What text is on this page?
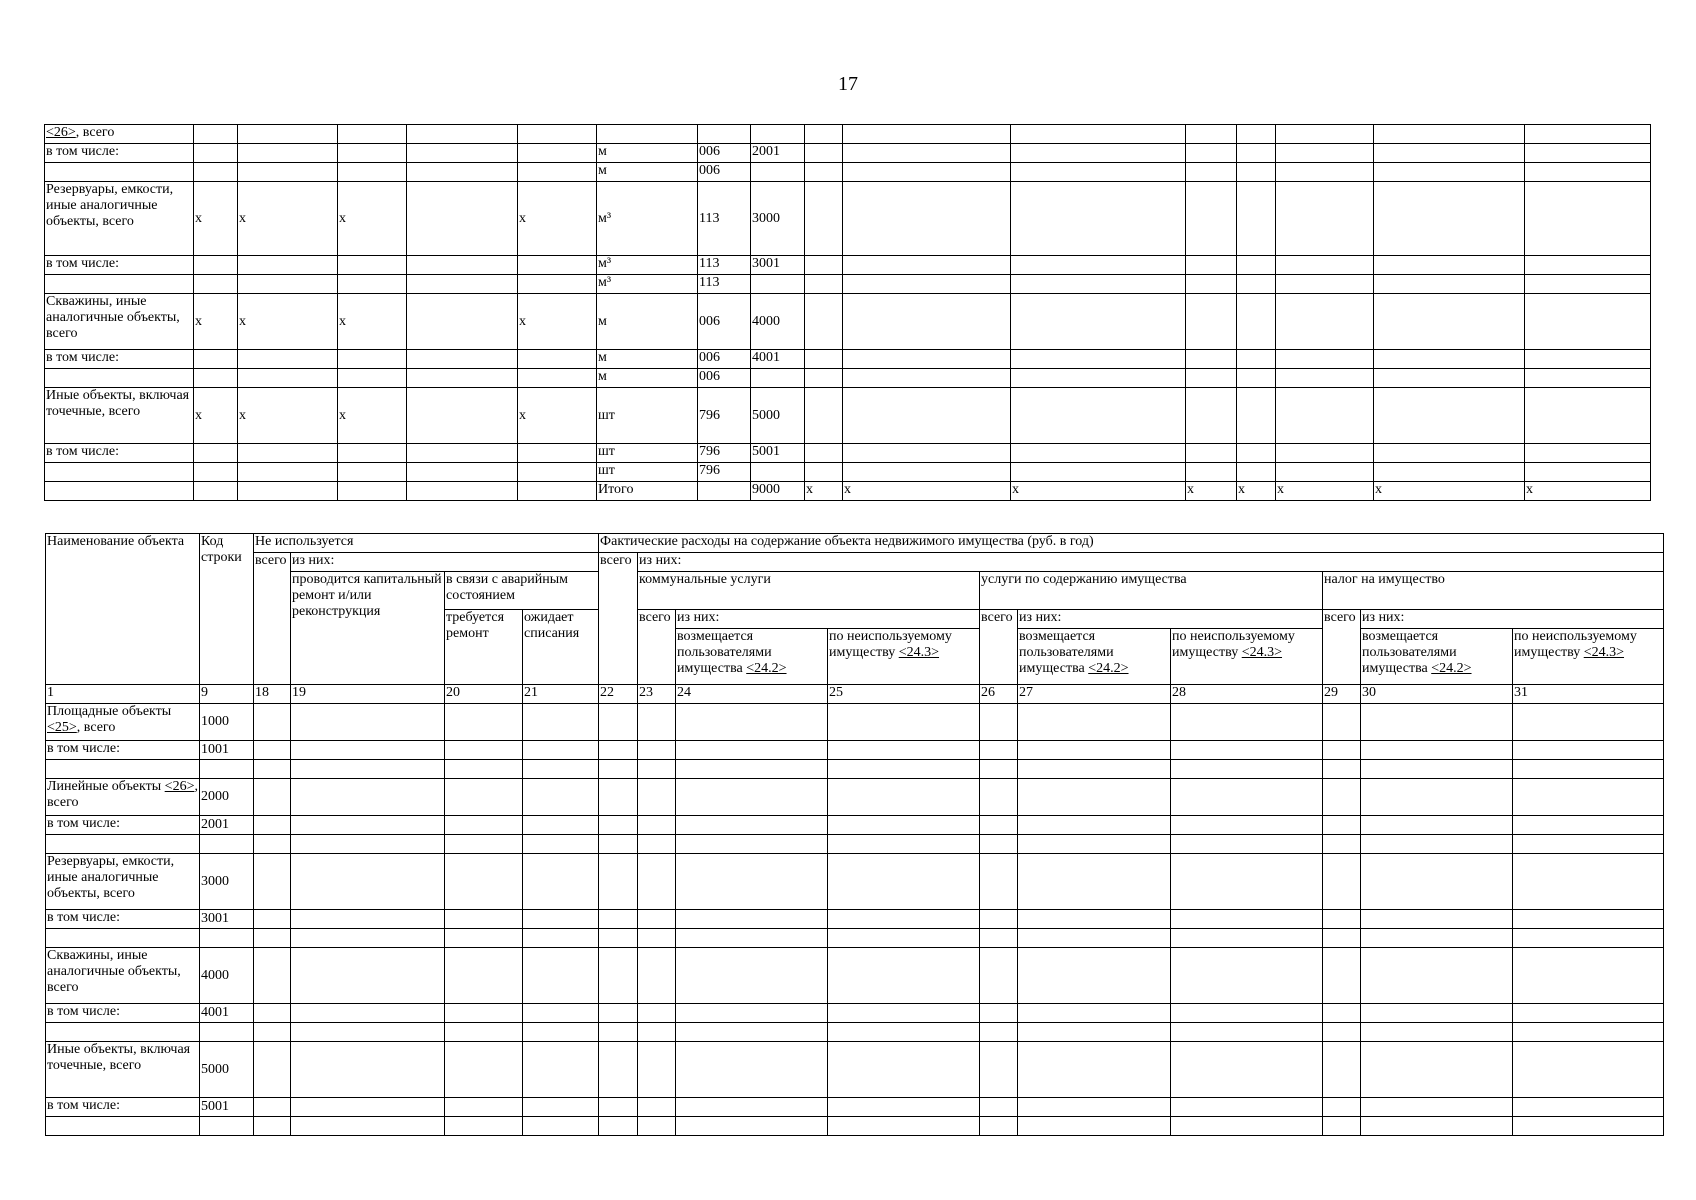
17
<26>, всего																
в том числе:						м	006	2001								
						м	006									
Резервуары, емкости, иные аналогичные объекты, всего	x	x	x		x	м³	113	3000								
в том числе:						м³	113	3001								
						м³	113									
Скважины, иные аналогичные объекты, всего	x	x	x		x	м	006	4000								
в том числе:						м	006	4001								
						м	006									
Иные объекты, включая точечные, всего	x	x	x		x	шт	796	5000								
в том числе:						шт	796	5001								
						шт	796									
						Итого		9000	x	x	x	x	x	x	x	x
Наименование объекта	Код строки	Не используется				Фактические расходы на содержание объекта недвижимого имущества (руб. в год)									
		всего	из них:			всего	из них:								
			проводится капитальный ремонт и/или реконструкция	в связи с аварийным состоянием			коммунальные услуги			услуги по содержанию имущества			налог на имущество		
				требуется ремонт	ожидает списания		всего	из них:		всего	из них:		всего	из них:	
								возмещается пользователями имущества <24.2>	по неиспользуемому имуществу <24.3>		возмещается пользователями имущества <24.2>	по неиспользуемому имуществу <24.3>		возмещается пользователями имущества <24.2>	по неиспользуемому имуществу <24.3>

1	9	18	19	20	21	22	23	24	25	26	27	28	29	30	31
Площадные объекты <25>, всего	1000														
в том числе:	1001														

Линейные объекты <26>, всего	2000														
в том числе:	2001														

Резервуары, емкости, иные аналогичные объекты, всего	3000														
в том числе:	3001														

Скважины, иные аналогичные объекты, всего	4000														
в том числе:	4001														

Иные объекты, включая точечные, всего	5000														
в том числе:	5001														
